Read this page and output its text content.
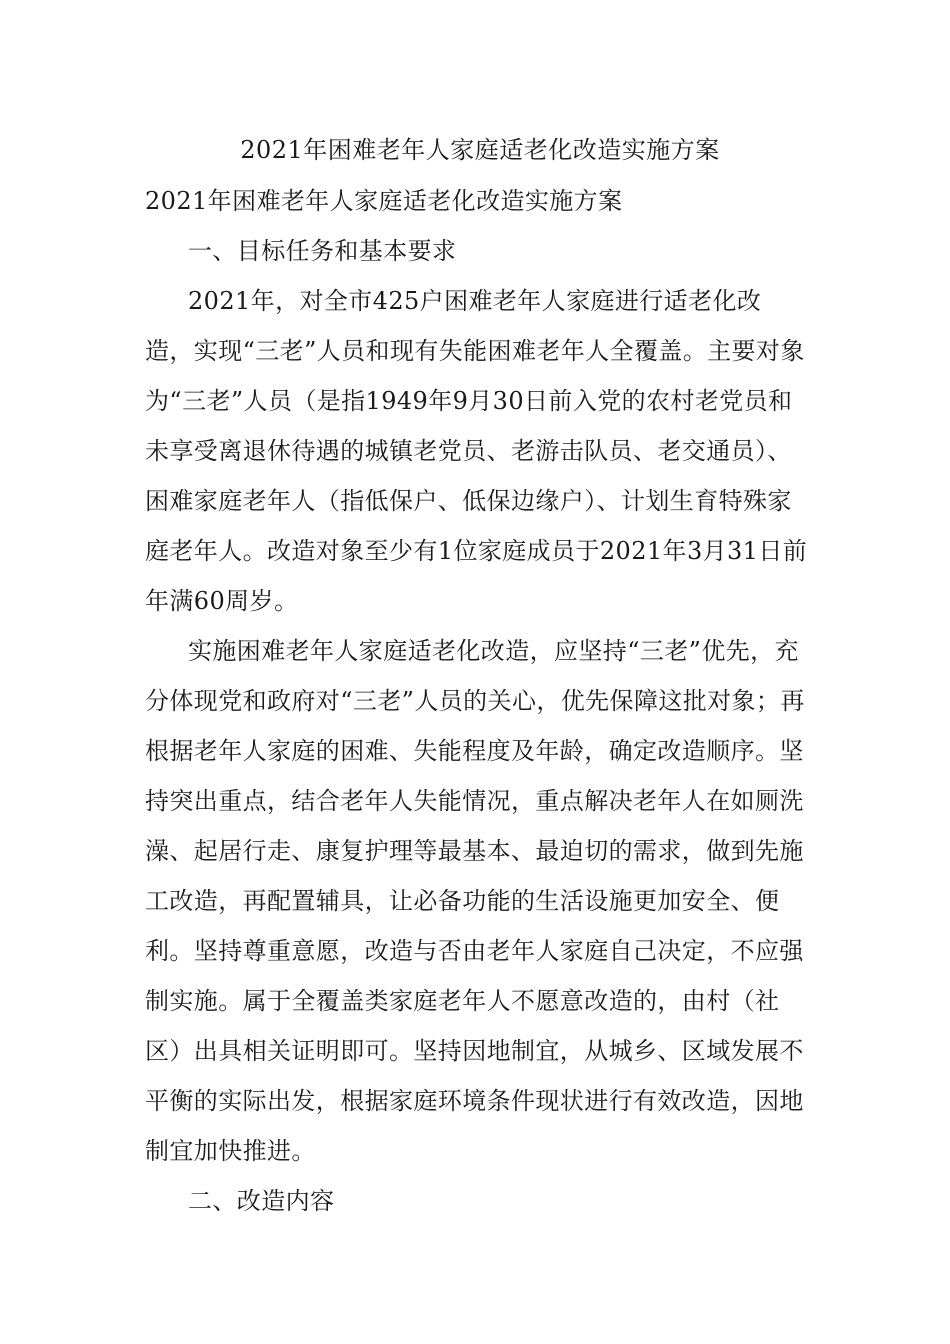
2021年困难老年人家庭适老化改造实施方案

2021年困难老年人家庭适老化改造实施方案

一、目标任务和基本要求

2021年，对全市425户困难老年人家庭进行适老化改造，实现“三老”人员和现有失能困难老年人全覆盖。主要对象为“三老”人员（是指1949年9月30日前入党的农村老党员和未享受离退休待遇的城镇老党员、老游击队员、老交通员）、困难家庭老年人（指低保户、低保边缘户）、计划生育特殊家庭老年人。改造对象至少有1位家庭成员于2021年3月31日前年满60周岁。

实施困难老年人家庭适老化改造，应坚持“三老”优先，充分体现党和政府对“三老”人员的关心，优先保障这批对象；再根据老年人家庭的困难、失能程度及年龄，确定改造顺序。坚持突出重点，结合老年人失能情况，重点解决老年人在如厕洗澡、起居行走、康复护理等最基本、最迫切的需求，做到先施工改造，再配置辅具，让必备功能的生活设施更加安全、便利。坚持尊重意愿，改造与否由老年人家庭自己决定，不应强制实施。属于全覆盖类家庭老年人不愿意改造的，由村（社区）出具相关证明即可。坚持因地制宜，从城乡、区域发展不平衡的实际出发，根据家庭环境条件现状进行有效改造，因地制宜加快推进。

二、改造内容
